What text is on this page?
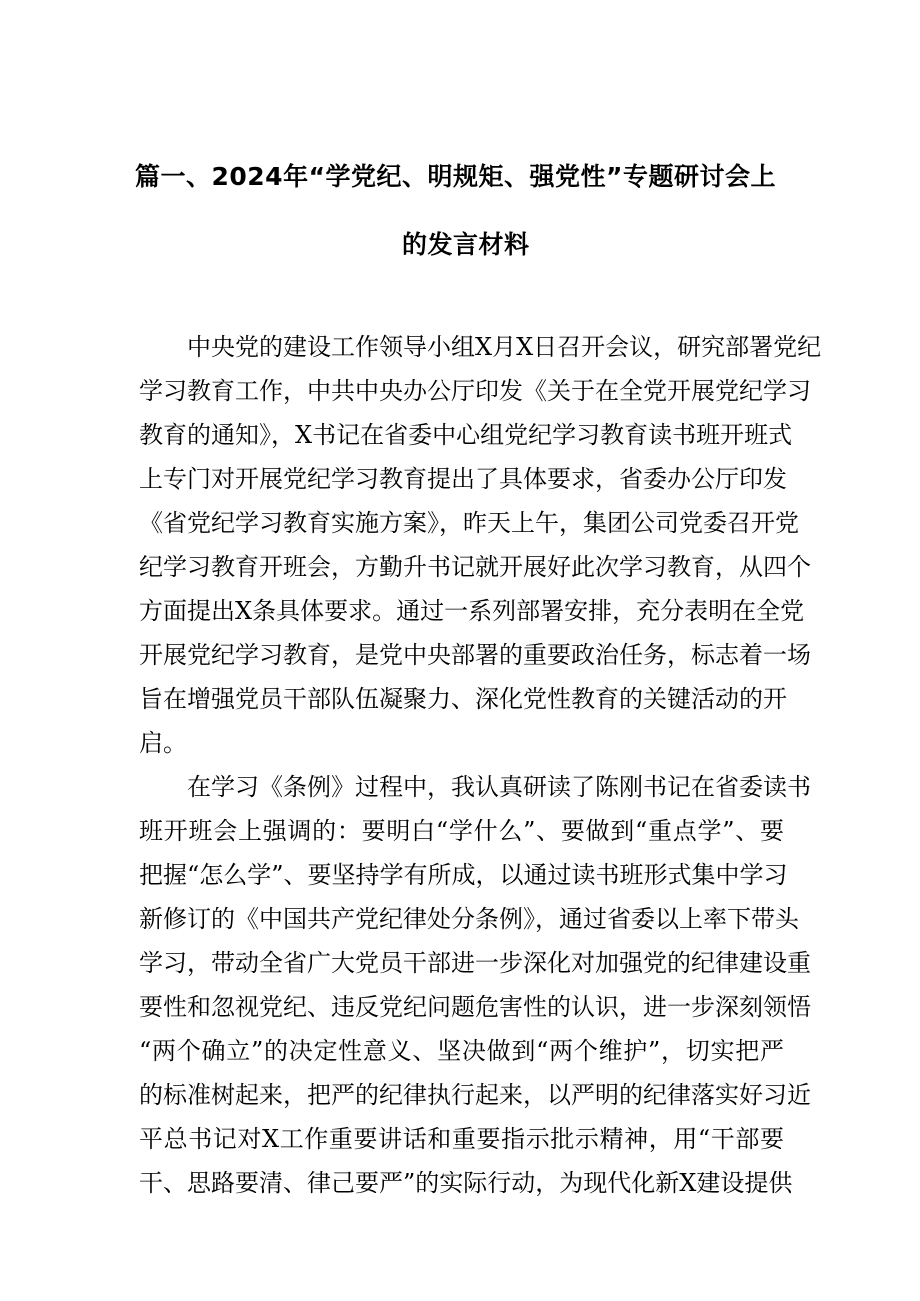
篇一、2024年“学党纪、明规矩、强党性”专题研讨会上
的发言材料
中央党的建设工作领导小组X月X日召开会议，研究部署党纪
学习教育工作，中共中央办公厅印发《关于在全党开展党纪学习
教育的通知》，X书记在省委中心组党纪学习教育读书班开班式
上专门对开展党纪学习教育提出了具体要求，省委办公厅印发
《省党纪学习教育实施方案》，昨天上午，集团公司党委召开党
纪学习教育开班会，方勤升书记就开展好此次学习教育，从四个
方面提出X条具体要求。通过一系列部署安排，充分表明在全党
开展党纪学习教育，是党中央部署的重要政治任务，标志着一场
旨在增强党员干部队伍凝聚力、深化党性教育的关键活动的开
启。
在学习《条例》过程中，我认真研读了陈刚书记在省委读书
班开班会上强调的：要明白“学什么”、要做到“重点学”、要
把握“怎么学”、要坚持学有所成，以通过读书班形式集中学习
新修订的《中国共产党纪律处分条例》，通过省委以上率下带头
学习，带动全省广大党员干部进一步深化对加强党的纪律建设重
要性和忽视党纪、违反党纪问题危害性的认识，进一步深刻领悟
“两个确立”的决定性意义、坚决做到“两个维护”，切实把严
的标准树起来，把严的纪律执行起来，以严明的纪律落实好习近
平总书记对X工作重要讲话和重要指示批示精神，用“干部要
干、思路要清、律己要严”的实际行动，为现代化新X建设提供
